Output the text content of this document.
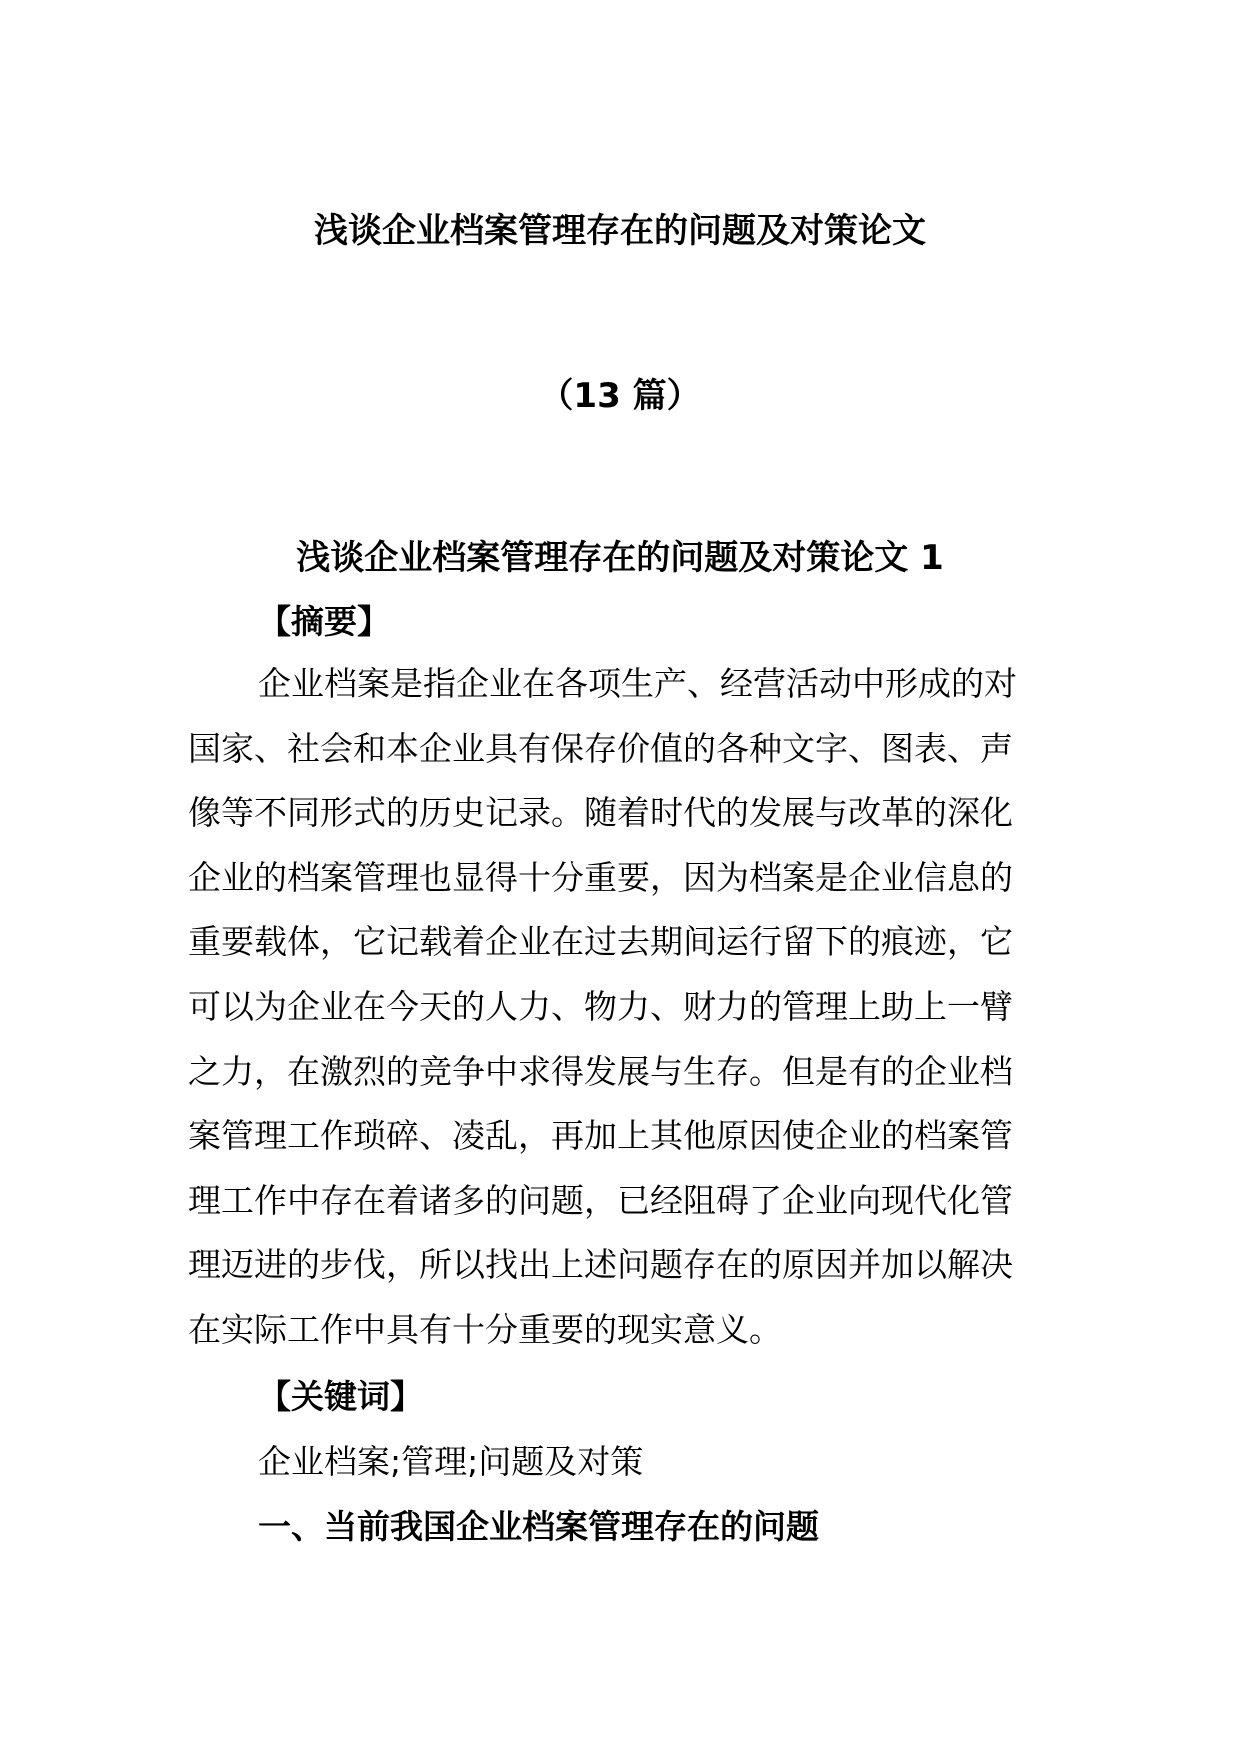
浅谈企业档案管理存在的问题及对策论文
（13 篇）
浅谈企业档案管理存在的问题及对策论文 1
【摘要】
企业档案是指企业在各项生产、经营活动中形成的对
国家、社会和本企业具有保存价值的各种文字、图表、声
像等不同形式的历史记录。随着时代的发展与改革的深化
企业的档案管理也显得十分重要，因为档案是企业信息的
重要载体，它记载着企业在过去期间运行留下的痕迹，它
可以为企业在今天的人力、物力、财力的管理上助上一臂
之力，在激烈的竞争中求得发展与生存。但是有的企业档
案管理工作琐碎、凌乱，再加上其他原因使企业的档案管
理工作中存在着诸多的问题，已经阻碍了企业向现代化管
理迈进的步伐，所以找出上述问题存在的原因并加以解决
在实际工作中具有十分重要的现实意义。
【关键词】
企业档案;管理;问题及对策
一、当前我国企业档案管理存在的问题
